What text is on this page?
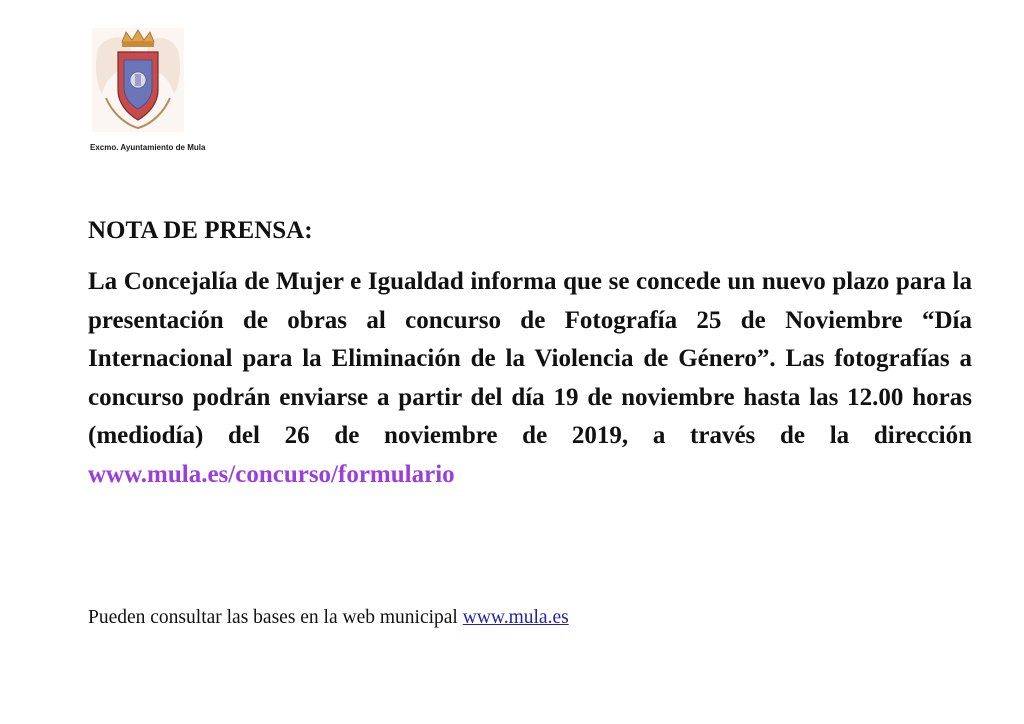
Excmo. Ayuntamiento de Mula
NOTA DE PRENSA:

La Concejalía de Mujer e Igualdad informa que se concede un nuevo plazo para la presentación de obras al concurso de Fotografía 25 de Noviembre “Día Internacional para la Eliminación de la Violencia de Género”. Las fotografías a concurso podrán enviarse a partir del día 19 de noviembre hasta las 12.00 horas (mediodía) del 26 de noviembre de 2019, a través de la dirección www.mula.es/concurso/formulario

Pueden consultar las bases en la web municipal www.mula.es
